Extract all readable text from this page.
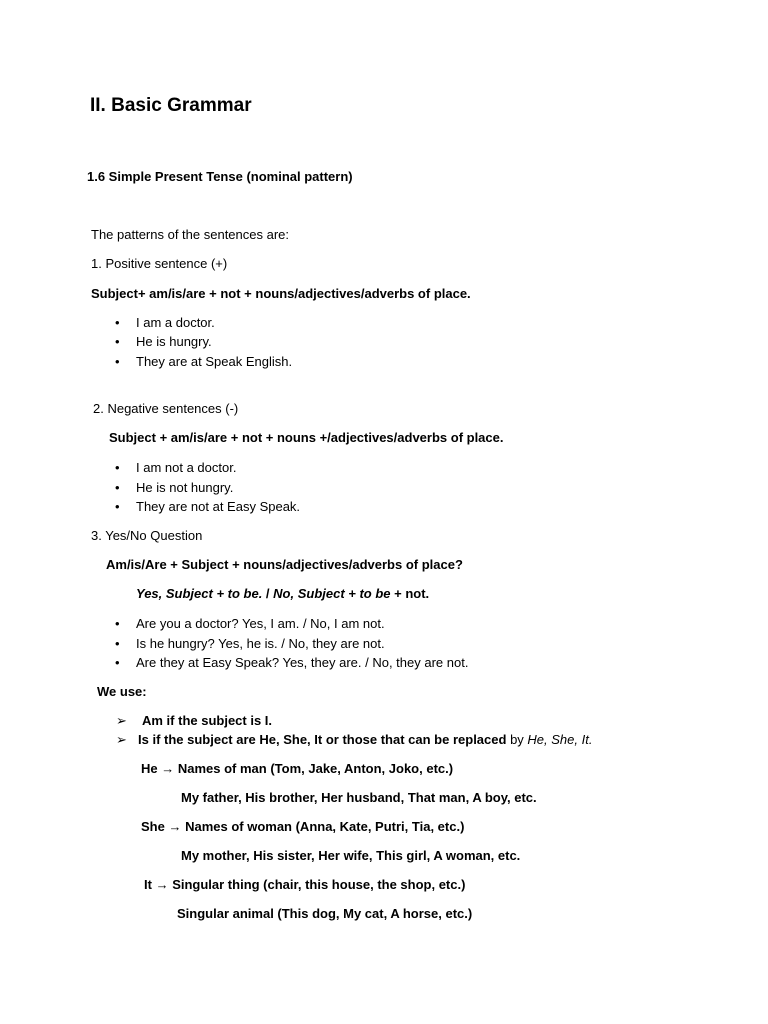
II. Basic Grammar
1.6 Simple Present Tense (nominal pattern)
The patterns of the sentences are:
1. Positive sentence (+)
Subject+ am/is/are + not + nouns/adjectives/adverbs of place.
• I am a doctor.
• He is hungry.
• They are at Speak English.
2. Negative sentences (-)
Subject + am/is/are + not + nouns +/adjectives/adverbs of place.
• I am not a doctor.
• He is not hungry.
• They are not at Easy Speak.
3. Yes/No Question
Am/is/Are + Subject + nouns/adjectives/adverbs of place?
Yes, Subject + to be. / No, Subject + to be + not.
• Are you a doctor? Yes, I am. / No, I am not.
• Is he hungry? Yes, he is. / No, they are not.
• Are they at Easy Speak? Yes, they are. / No, they are not.
We use:
➢ Am if the subject is I.
➢ Is if the subject are He, She, It or those that can be replaced by He, She, It.
He → Names of man (Tom, Jake, Anton, Joko, etc.)
My father, His brother, Her husband, That man, A boy, etc.
She → Names of woman (Anna, Kate, Putri, Tia, etc.)
My mother, His sister, Her wife, This girl, A woman, etc.
It → Singular thing (chair, this house, the shop, etc.)
Singular animal (This dog, My cat, A horse, etc.)
